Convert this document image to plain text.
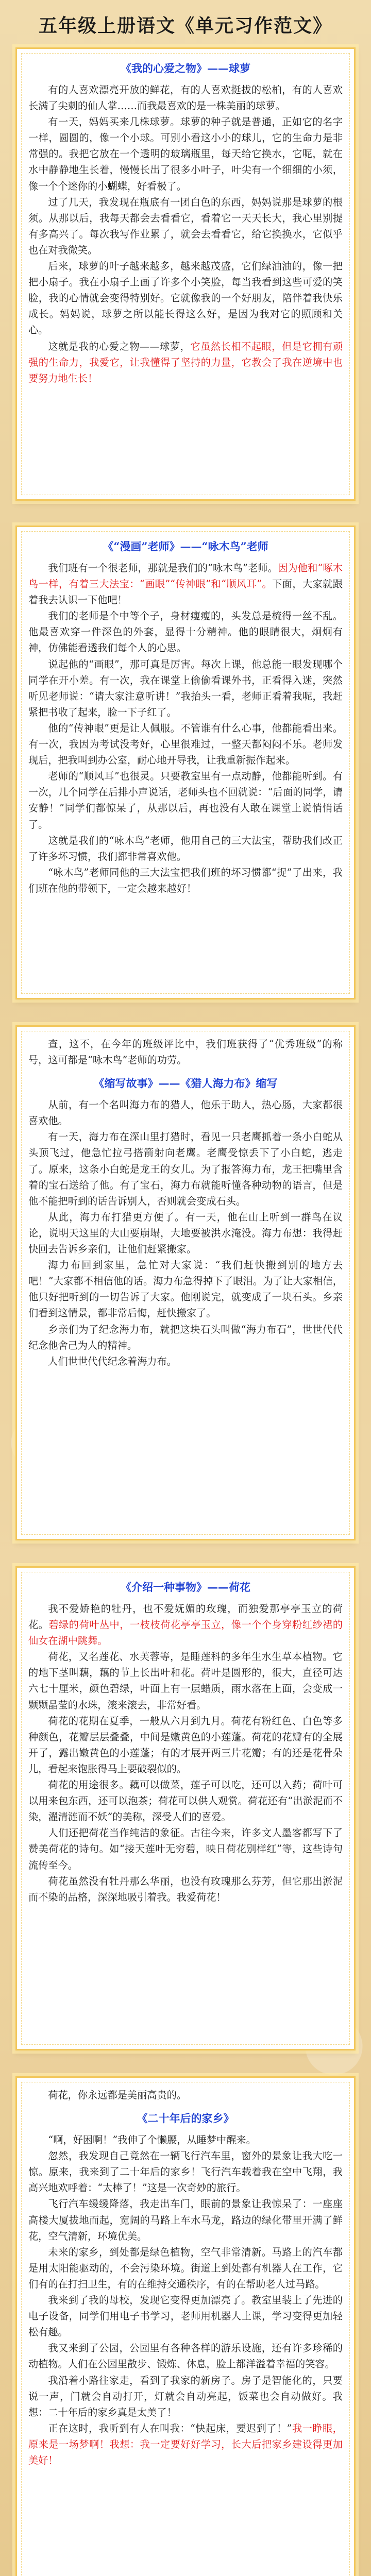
五年级上册语文《单元习作范文》
《我的心爱之物》——球萝

有的人喜欢漂亮开放的鲜花，有的人喜欢挺拔的松柏，有的人喜欢长满了尖刺的仙人掌……而我最喜欢的是一株美丽的球萝。

有一天，妈妈买来几株球萝。球萝的种子就是普通，正如它的名字一样，圆圆的，像一个小球。可别小看这小小的球儿，它的生命力是非常强的。我把它放在一个透明的玻璃瓶里，每天给它换水，它呢，就在水中静静地生长着，慢慢长出了很多小叶子，叶尖有一个细细的小须，像一个个迷你的小蝴蝶，好看极了。

过了几天，我发现在瓶底有一团白色的东西，妈妈说那是球萝的根须。从那以后，我每天都会去看看它，看着它一天天长大，我心里别提有多高兴了。每次我写作业累了，就会去看看它，给它换换水，它似乎也在对我微笑。

后来，球萝的叶子越来越多，越来越茂盛，它们绿油油的，像一把把小扇子。我在小扇子上画了许多个小笑脸，每当我看到这些可爱的笑脸，我的心情就会变得特别好。它就像我的一个好朋友，陪伴着我快乐成长。妈妈说，球萝之所以能长得这么好，是因为我对它的照顾和关心。

这就是我的心爱之物——球萝，它虽然长相不起眼，但是它拥有顽强的生命力，我爱它，让我懂得了坚持的力量，它教会了我在逆境中也要努力地生长！

《“漫画”老师》——“咏木鸟”老师

我们班有一个很老师，那就是我们的“咏木鸟”老师。因为他和“啄木鸟一样，有着三大法宝：“画眼”“传神眼”和“顺风耳”。下面，大家就跟着我去认识一下他吧！

我们的老师是个中等个子，身材瘦瘦的，头发总是梳得一丝不乱。他最喜欢穿一件深色的外套，显得十分精神。他的眼睛很大，炯炯有神，仿佛能看透我们每个人的心思。

说起他的“画眼”，那可真是厉害。每次上课，他总能一眼发现哪个同学在开小差。有一次，我在课堂上偷偷看课外书，正看得入迷，突然听见老师说：“请大家注意听讲！”我抬头一看，老师正看着我呢，我赶紧把书收了起来，脸一下子红了。

他的“传神眼”更是让人佩服。不管谁有什么心事，他都能看出来。有一次，我因为考试没考好，心里很难过，一整天都闷闷不乐。老师发现后，把我叫到办公室，耐心地开导我，让我重新振作起来。

老师的“顺风耳”也很灵。只要教室里有一点动静，他都能听到。有一次，几个同学在后排小声说话，老师头也不回就说：“后面的同学，请安静！”同学们都惊呆了，从那以后，再也没有人敢在课堂上说悄悄话了。

这就是我们的“咏木鸟”老师，他用自己的三大法宝，帮助我们改正了许多坏习惯，我们都非常喜欢他。

“咏木鸟”老师同他的三大法宝把我们班的坏习惯都“捉”了出来，我们班在他的带领下，一定会越来越好！

查，这不，在今年的班级评比中，我们班获得了“优秀班级”的称号，这可都是“咏木鸟”老师的功劳。

《缩写故事》——《猎人海力布》缩写

从前，有一个名叫海力布的猎人，他乐于助人，热心肠，大家都很喜欢他。

有一天，海力布在深山里打猎时，看见一只老鹰抓着一条小白蛇从头顶飞过，他急忙拉弓搭箭射向老鹰。老鹰受惊丢下了小白蛇，逃走了。原来，这条小白蛇是龙王的女儿。为了报答海力布，龙王把嘴里含着的宝石送给了他。有了宝石，海力布就能听懂各种动物的语言，但是他不能把听到的话告诉别人，否则就会变成石头。

从此，海力布打猎更方便了。有一天，他在山上听到一群鸟在议论，说明天这里的大山要崩塌，大地要被洪水淹没。海力布想：我得赶快回去告诉乡亲们，让他们赶紧搬家。

海力布回到家里，急忙对大家说：“我们赶快搬到别的地方去吧！”大家都不相信他的话。海力布急得掉下了眼泪。为了让大家相信，他只好把听到的一切告诉了大家。他刚说完，就变成了一块石头。乡亲们看到这情景，都非常后悔，赶快搬家了。

乡亲们为了纪念海力布，就把这块石头叫做“海力布石”，世世代代纪念他舍己为人的精神。

人们世世代代纪念着海力布。

《介绍一种事物》——荷花

我不爱娇艳的牡丹，也不爱妩媚的玫瑰，而独爱那亭亭玉立的荷花。碧绿的荷叶丛中，一枝枝荷花亭亭玉立，像一个个身穿粉红纱裙的仙女在湖中跳舞。

荷花，又名莲花、水芙蓉等，是睡莲科的多年生水生草本植物。它的地下茎叫藕，藕的节上长出叶和花。荷叶是圆形的，很大，直径可达六七十厘米，颜色碧绿，叶面上有一层蜡质，雨水落在上面，会变成一颗颗晶莹的水珠，滚来滚去，非常好看。

荷花的花期在夏季，一般从六月到九月。荷花有粉红色、白色等多种颜色，花瓣层层叠叠，中间是嫩黄色的小莲蓬。荷花的花瓣有的全展开了，露出嫩黄色的小莲蓬；有的才展开两三片花瓣；有的还是花骨朵儿，看起来饱胀得马上要破裂似的。

荷花的用途很多。藕可以做菜，莲子可以吃，还可以入药；荷叶可以用来包东西，还可以泡茶；荷花可以供人观赏。荷花还有“出淤泥而不染，濯清涟而不妖”的美称，深受人们的喜爱。

人们还把荷花当作纯洁的象征。古往今来，许多文人墨客都写下了赞美荷花的诗句。如“接天莲叶无穷碧，映日荷花别样红”等，这些诗句流传至今。

荷花虽然没有牡丹那么华丽，也没有玫瑰那么芬芳，但它那出淤泥而不染的品格，深深地吸引着我。我爱荷花！

荷花，你永远都是美丽高贵的。

《二十年后的家乡》

“啊，好困啊！”我伸了个懒腰，从睡梦中醒来。

忽然，我发现自己竟然在一辆飞行汽车里，窗外的景象让我大吃一惊。原来，我来到了二十年后的家乡！飞行汽车载着我在空中飞翔，我高兴地欢呼着：“太棒了！”这是一次奇妙的旅行。

飞行汽车缓缓降落，我走出车门，眼前的景象让我惊呆了：一座座高楼大厦拔地而起，宽阔的马路上车水马龙，路边的绿化带里开满了鲜花，空气清新，环境优美。

未来的家乡，到处都是绿色植物，空气非常清新。马路上的汽车都是用太阳能驱动的，不会污染环境。街道上到处都有机器人在工作，它们有的在打扫卫生，有的在维持交通秩序，有的在帮助老人过马路。

我来到了我的母校，发现它变得更加漂亮了。教室里装上了先进的电子设备，同学们用电子书学习，老师用机器人上课，学习变得更加轻松有趣。

我又来到了公园，公园里有各种各样的游乐设施，还有许多珍稀的动植物。人们在公园里散步、锻炼、休息，脸上都洋溢着幸福的笑容。

我沿着小路往家走，看到了我家的新房子。房子是智能化的，只要说一声，门就会自动打开，灯就会自动亮起，饭菜也会自动做好。我想：二十年后的家乡真是太美了！

正在这时，我听到有人在叫我：“快起床，要迟到了！”我一睁眼，原来是一场梦啊！我想：我一定要好好学习，长大后把家乡建设得更加美好！
